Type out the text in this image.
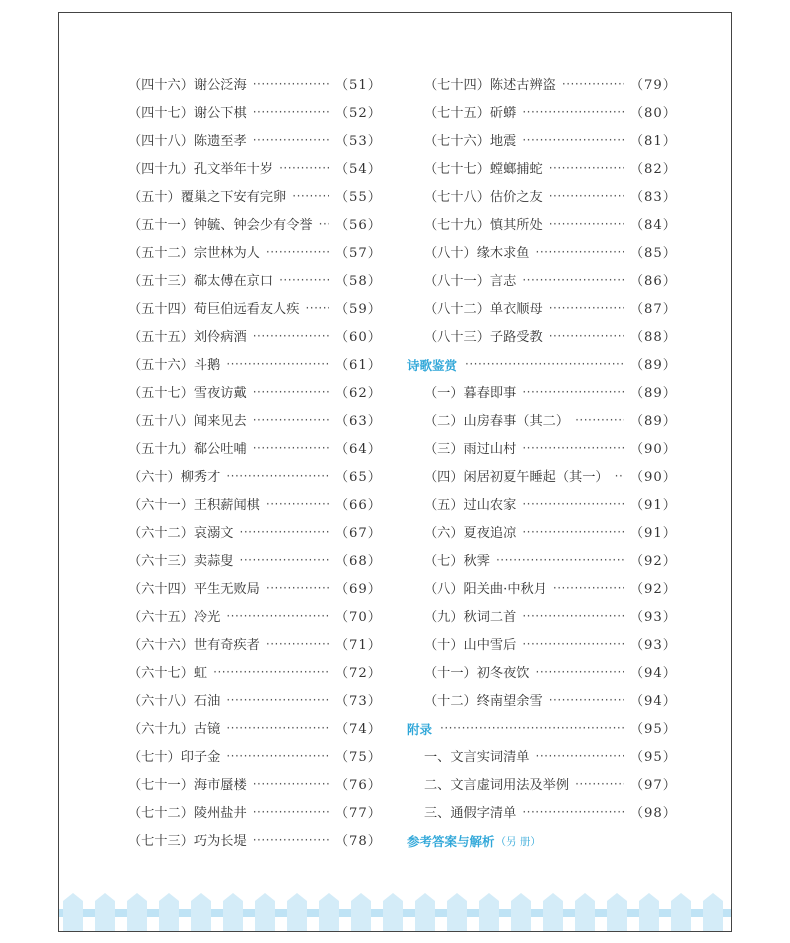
（四十六）谢公泛海 ·····	（51）
（四十七）谢公下棋 ·····	（52）
（四十八）陈遗至孝 ·····	（53）
（四十九）孔文举年十岁 ·····	（54）
（五十）覆巢之下安有完卵 ·····	（55）
（五十一）钟毓、钟会少有令誉 ····· （56）
（五十二）宗世林为人 ·····	（57）
（五十三）郗太傅在京口 ·····	（58）
（五十四）荀巨伯远看友人疾 ·····	（59）
（五十五）刘伶病酒 ·····	（60）
（五十六）斗鹅 ·····	（61）
（五十七）雪夜访戴 ·····	（62）
（五十八）闻来见去 ·····	（63）
（五十九）郗公吐哺 ·····	（64）
（六十）柳秀才 ·····	（65）
（六十一）王积薪闻棋 ·····	（66）
（六十二）哀溺文 ·····	（67）
（六十三）卖蒜叟 ·····	（68）
（六十四）平生无败局 ·····	（69）
（六十五）冷光 ·····	（70）
（六十六）世有奇疾者 ·····	（71）
（六十七）虹 ·····	（72）
（六十八）石油 ·····	（73）
（六十九）古镜 ·····	（74）
（七十）印子金 ·····	（75）
（七十一）海市蜃楼 ·····	（76）
（七十二）陵州盐井 ·····	（77）
（七十三）巧为长堤 ·····	（78）
（七十四）陈述古辨盗 ·····	（79）
（七十五）斫蟒 ·····	（80）
（七十六）地震 ·····	（81）
（七十七）螳螂捕蛇 ·····	（82）
（七十八）估价之友 ·····	（83）
（七十九）慎其所处 ·····	（84）
（八十）缘木求鱼 ·····	（85）
（八十一）言志 ·····	（86）
（八十二）单衣顺母 ·····	（87）
（八十三）子路受教 ·····	（88）
诗歌鉴赏 ·····	（89）
（一）暮春即事 ·····	（89）
（二）山房春事（其二） ·····	（89）
（三）雨过山村 ·····	（90）
（四）闲居初夏午睡起（其一） ····· （90）
（五）过山农家 ·····	（91）
（六）夏夜追凉 ·····	（91）
（七）秋霁 ·····	（92）
（八）阳关曲·中秋月 ·····	（92）
（九）秋词二首 ·····	（93）
（十）山中雪后 ·····	（93）
（十一）初冬夜饮 ·····	（94）
（十二）终南望余雪 ·····	（94）
附录 ·····	（95）
一、文言实词清单 ·····	（95）
二、文言虚词用法及举例 ·····	（97）
三、通假字清单 ·····	（98）
参考答案与解析 （另 册）
